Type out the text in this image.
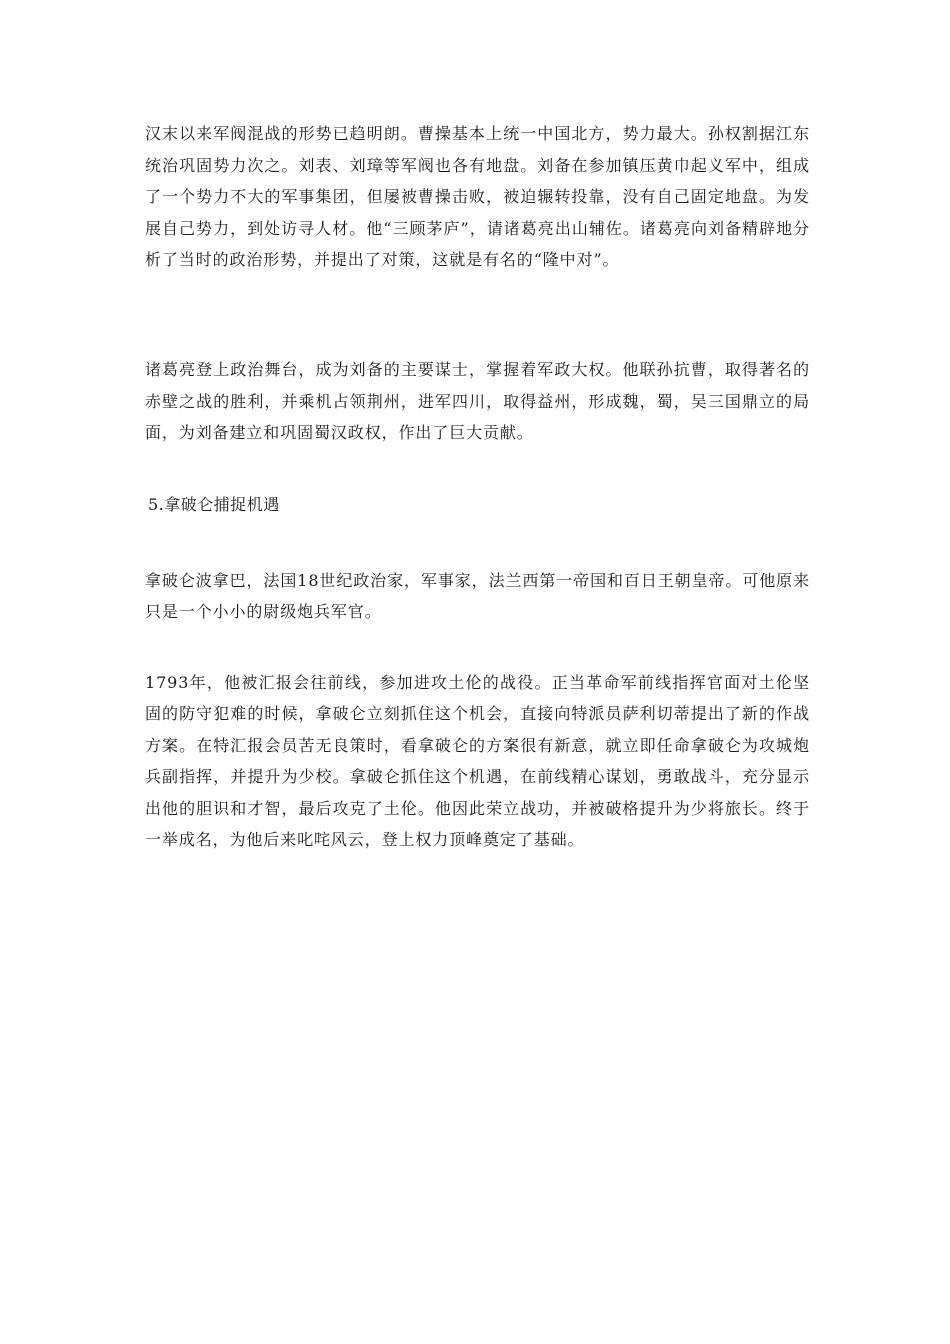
汉末以来军阀混战的形势已趋明朗。曹操基本上统一中国北方，势力最大。孙权割据江东统治巩固势力次之。刘表、刘璋等军阀也各有地盘。刘备在参加镇压黄巾起义军中，组成了一个势力不大的军事集团，但屡被曹操击败，被迫辗转投靠，没有自己固定地盘。为发展自己势力，到处访寻人材。他“三顾茅庐”，请诸葛亮出山辅佐。诸葛亮向刘备精辟地分析了当时的政治形势，并提出了对策，这就是有名的“隆中对”。

诸葛亮登上政治舞台，成为刘备的主要谋士，掌握着军政大权。他联孙抗曹，取得著名的赤壁之战的胜利，并乘机占领荆州，进军四川，取得益州，形成魏，蜀，吴三国鼎立的局面，为刘备建立和巩固蜀汉政权，作出了巨大贡献。

5.拿破仑捕捉机遇

拿破仑波拿巴，法国18世纪政治家，军事家，法兰西第一帝国和百日王朝皇帝。可他原来只是一个小小的尉级炮兵军官。

1793年，他被汇报会往前线，参加进攻土伦的战役。正当革命军前线指挥官面对土伦坚固的防守犯难的时候，拿破仑立刻抓住这个机会，直接向特派员萨利切蒂提出了新的作战方案。在特汇报会员苦无良策时，看拿破仑的方案很有新意，就立即任命拿破仑为攻城炮兵副指挥，并提升为少校。拿破仑抓住这个机遇，在前线精心谋划，勇敢战斗，充分显示出他的胆识和才智，最后攻克了土伦。他因此荣立战功，并被破格提升为少将旅长。终于一举成名，为他后来叱咤风云，登上权力顶峰奠定了基础。
